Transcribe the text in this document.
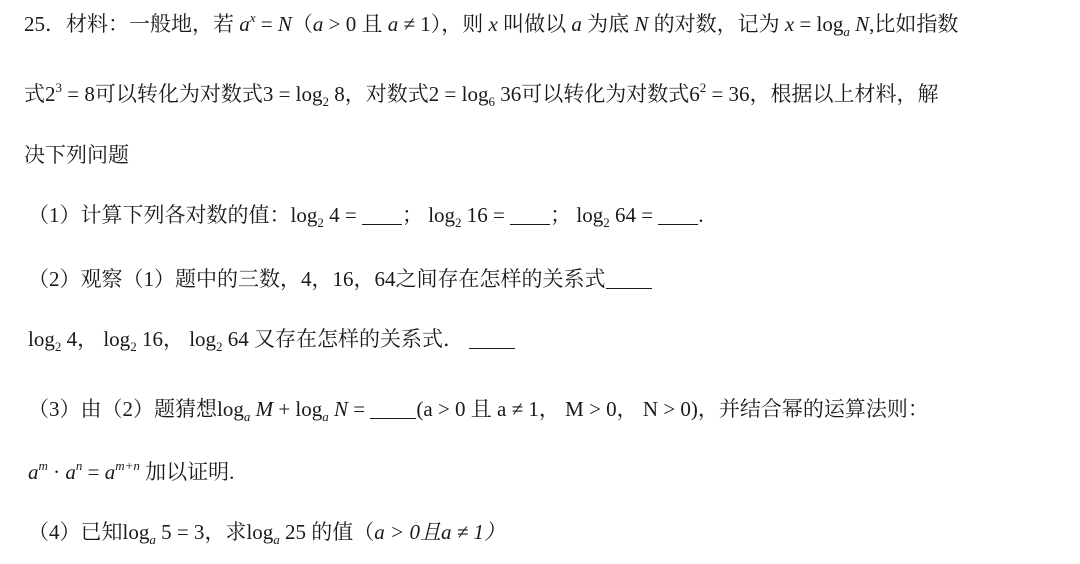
25．材料：一般地，若 $a^x = N(a > 0$ 且 a ≠ 1），则 x 叫做以 a 为底 N 的对数，记为 $x = \log_a N$,比如指数
式$2^3 = 8$可以转化为对数式$3 = \log_2 8$，对数式$2 = \log_6 36$可以转化为对数式$6^2 = 36$，根据以上材料，解
决下列问题
（1）计算下列各对数的值：$\log_2 4$ = ； $\log_2 16$ = ； $\log_2 64$ = .
（2）观察（1）题中的三数，4，16，64之间存在怎样的关系式
$\log_2 4$， $\log_2 16$， $\log_2 64$ 又存在怎样的关系式．
（3）由（2）题猜想$\log_a M + \log_a N = (a > 0$ 且 a ≠ 1， M > 0， N > 0)，并结合幂的运算法则：
$a^m \cdot a^n = a^{m+n}$ 加以证明.
（4）已知$\log_a 5 = 3$，求$\log_a 25$ 的值（a > 0且a ≠ 1）
